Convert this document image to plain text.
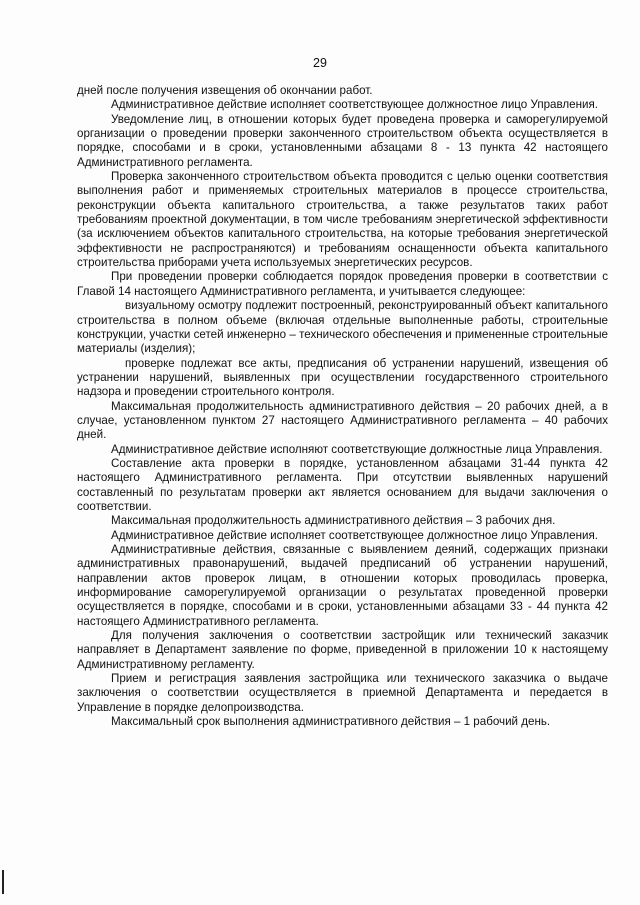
29

дней после получения извещения об окончании работ.

Административное действие исполняет соответствующее должностное лицо Управления.

Уведомление лиц, в отношении которых будет проведена проверка и саморегулируемой организации о проведении проверки законченного строительством объекта осуществляется в порядке, способами и в сроки, установленными абзацами 8 - 13 пункта 42 настоящего Административного регламента.

Проверка законченного строительством объекта проводится с целью оценки соответствия выполнения работ и применяемых строительных материалов в процессе строительства, реконструкции объекта капитального строительства, а также результатов таких работ требованиям проектной документации, в том числе требованиям энергетической эффективности (за исключением объектов капитального строительства, на которые требования энергетической эффективности не распространяются) и требованиям оснащенности объекта капитального строительства приборами учета используемых энергетических ресурсов.

При проведении проверки соблюдается порядок проведения проверки в соответствии с Главой 14 настоящего Административного регламента, и учитывается следующее:

визуальному осмотру подлежит построенный, реконструированный объект капитального строительства в полном объеме (включая отдельные выполненные работы, строительные конструкции, участки сетей инженерно – технического обеспечения и примененные строительные материалы (изделия);

проверке подлежат все акты, предписания об устранении нарушений, извещения об устранении нарушений, выявленных при осуществлении государственного строительного надзора и проведении строительного контроля.

Максимальная продолжительность административного действия – 20 рабочих дней, а в случае, установленном пунктом 27 настоящего Административного регламента – 40 рабочих дней.

Административное действие исполняют соответствующие должностные лица Управления.

Составление акта проверки в порядке, установленном абзацами 31-44 пункта 42 настоящего Административного регламента. При отсутствии выявленных нарушений составленный по результатам проверки акт является основанием для выдачи заключения о соответствии.

Максимальная продолжительность административного действия – 3 рабочих дня.

Административное действие исполняет соответствующее должностное лицо Управления.

Административные действия, связанные с выявлением деяний, содержащих признаки административных правонарушений, выдачей предписаний об устранении нарушений, направлении актов проверок лицам, в отношении которых проводилась проверка, информирование саморегулируемой организации о результатах проведенной проверки осуществляется в порядке, способами и в сроки, установленными абзацами 33 - 44 пункта 42 настоящего Административного регламента.

Для получения заключения о соответствии застройщик или технический заказчик направляет в Департамент заявление по форме, приведенной в приложении 10 к настоящему Административному регламенту.

Прием и регистрация заявления застройщика или технического заказчика о выдаче заключения о соответствии осуществляется в приемной Департамента и передается в Управление в порядке делопроизводства.

Максимальный срок выполнения административного действия – 1 рабочий день.
